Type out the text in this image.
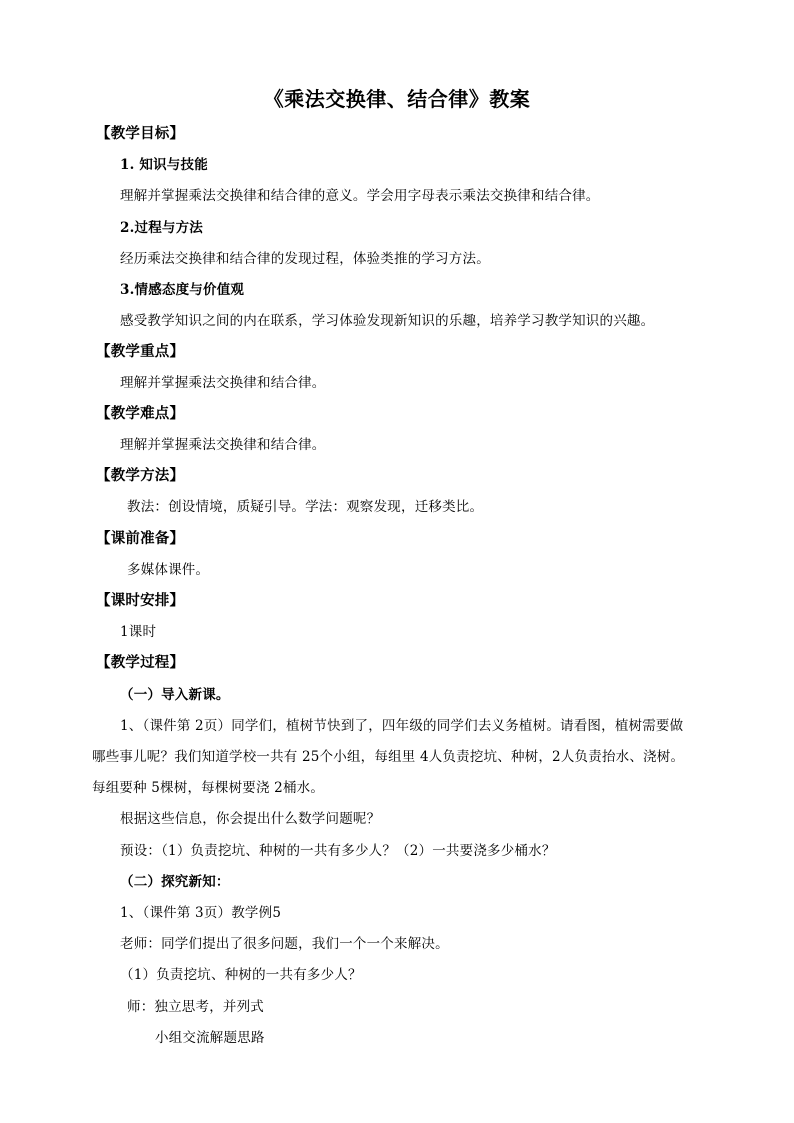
《乘法交换律、结合律》教案
【教学目标】
1. 知识与技能
理解并掌握乘法交换律和结合律的意义。学会用字母表示乘法交换律和结合律。
2.过程与方法
经历乘法交换律和结合律的发现过程，体验类推的学习方法。
3.情感态度与价值观
感受教学知识之间的内在联系，学习体验发现新知识的乐趣，培养学习教学知识的兴趣。
【教学重点】
理解并掌握乘法交换律和结合律。
【教学难点】
理解并掌握乘法交换律和结合律。
【教学方法】
教法：创设情境，质疑引导。学法：观察发现，迁移类比。
【课前准备】
多媒体课件。
【课时安排】
1课时
【教学过程】
（一）导入新课。
1、（课件第 2页）同学们，植树节快到了，四年级的同学们去义务植树。请看图，植树需要做
哪些事儿呢？我们知道学校一共有 25个小组，每组里 4人负责挖坑、种树，2人负责抬水、浇树。
每组要种 5棵树，每棵树要浇 2桶水。
根据这些信息，你会提出什么数学问题呢？
预设：（1）负责挖坑、种树的一共有多少人？（2）一共要浇多少桶水？
（二）探究新知：
1、（课件第 3页）教学例5
老师：同学们提出了很多问题，我们一个一个来解决。
（1）负责挖坑、种树的一共有多少人？
师：独立思考，并列式
小组交流解题思路
